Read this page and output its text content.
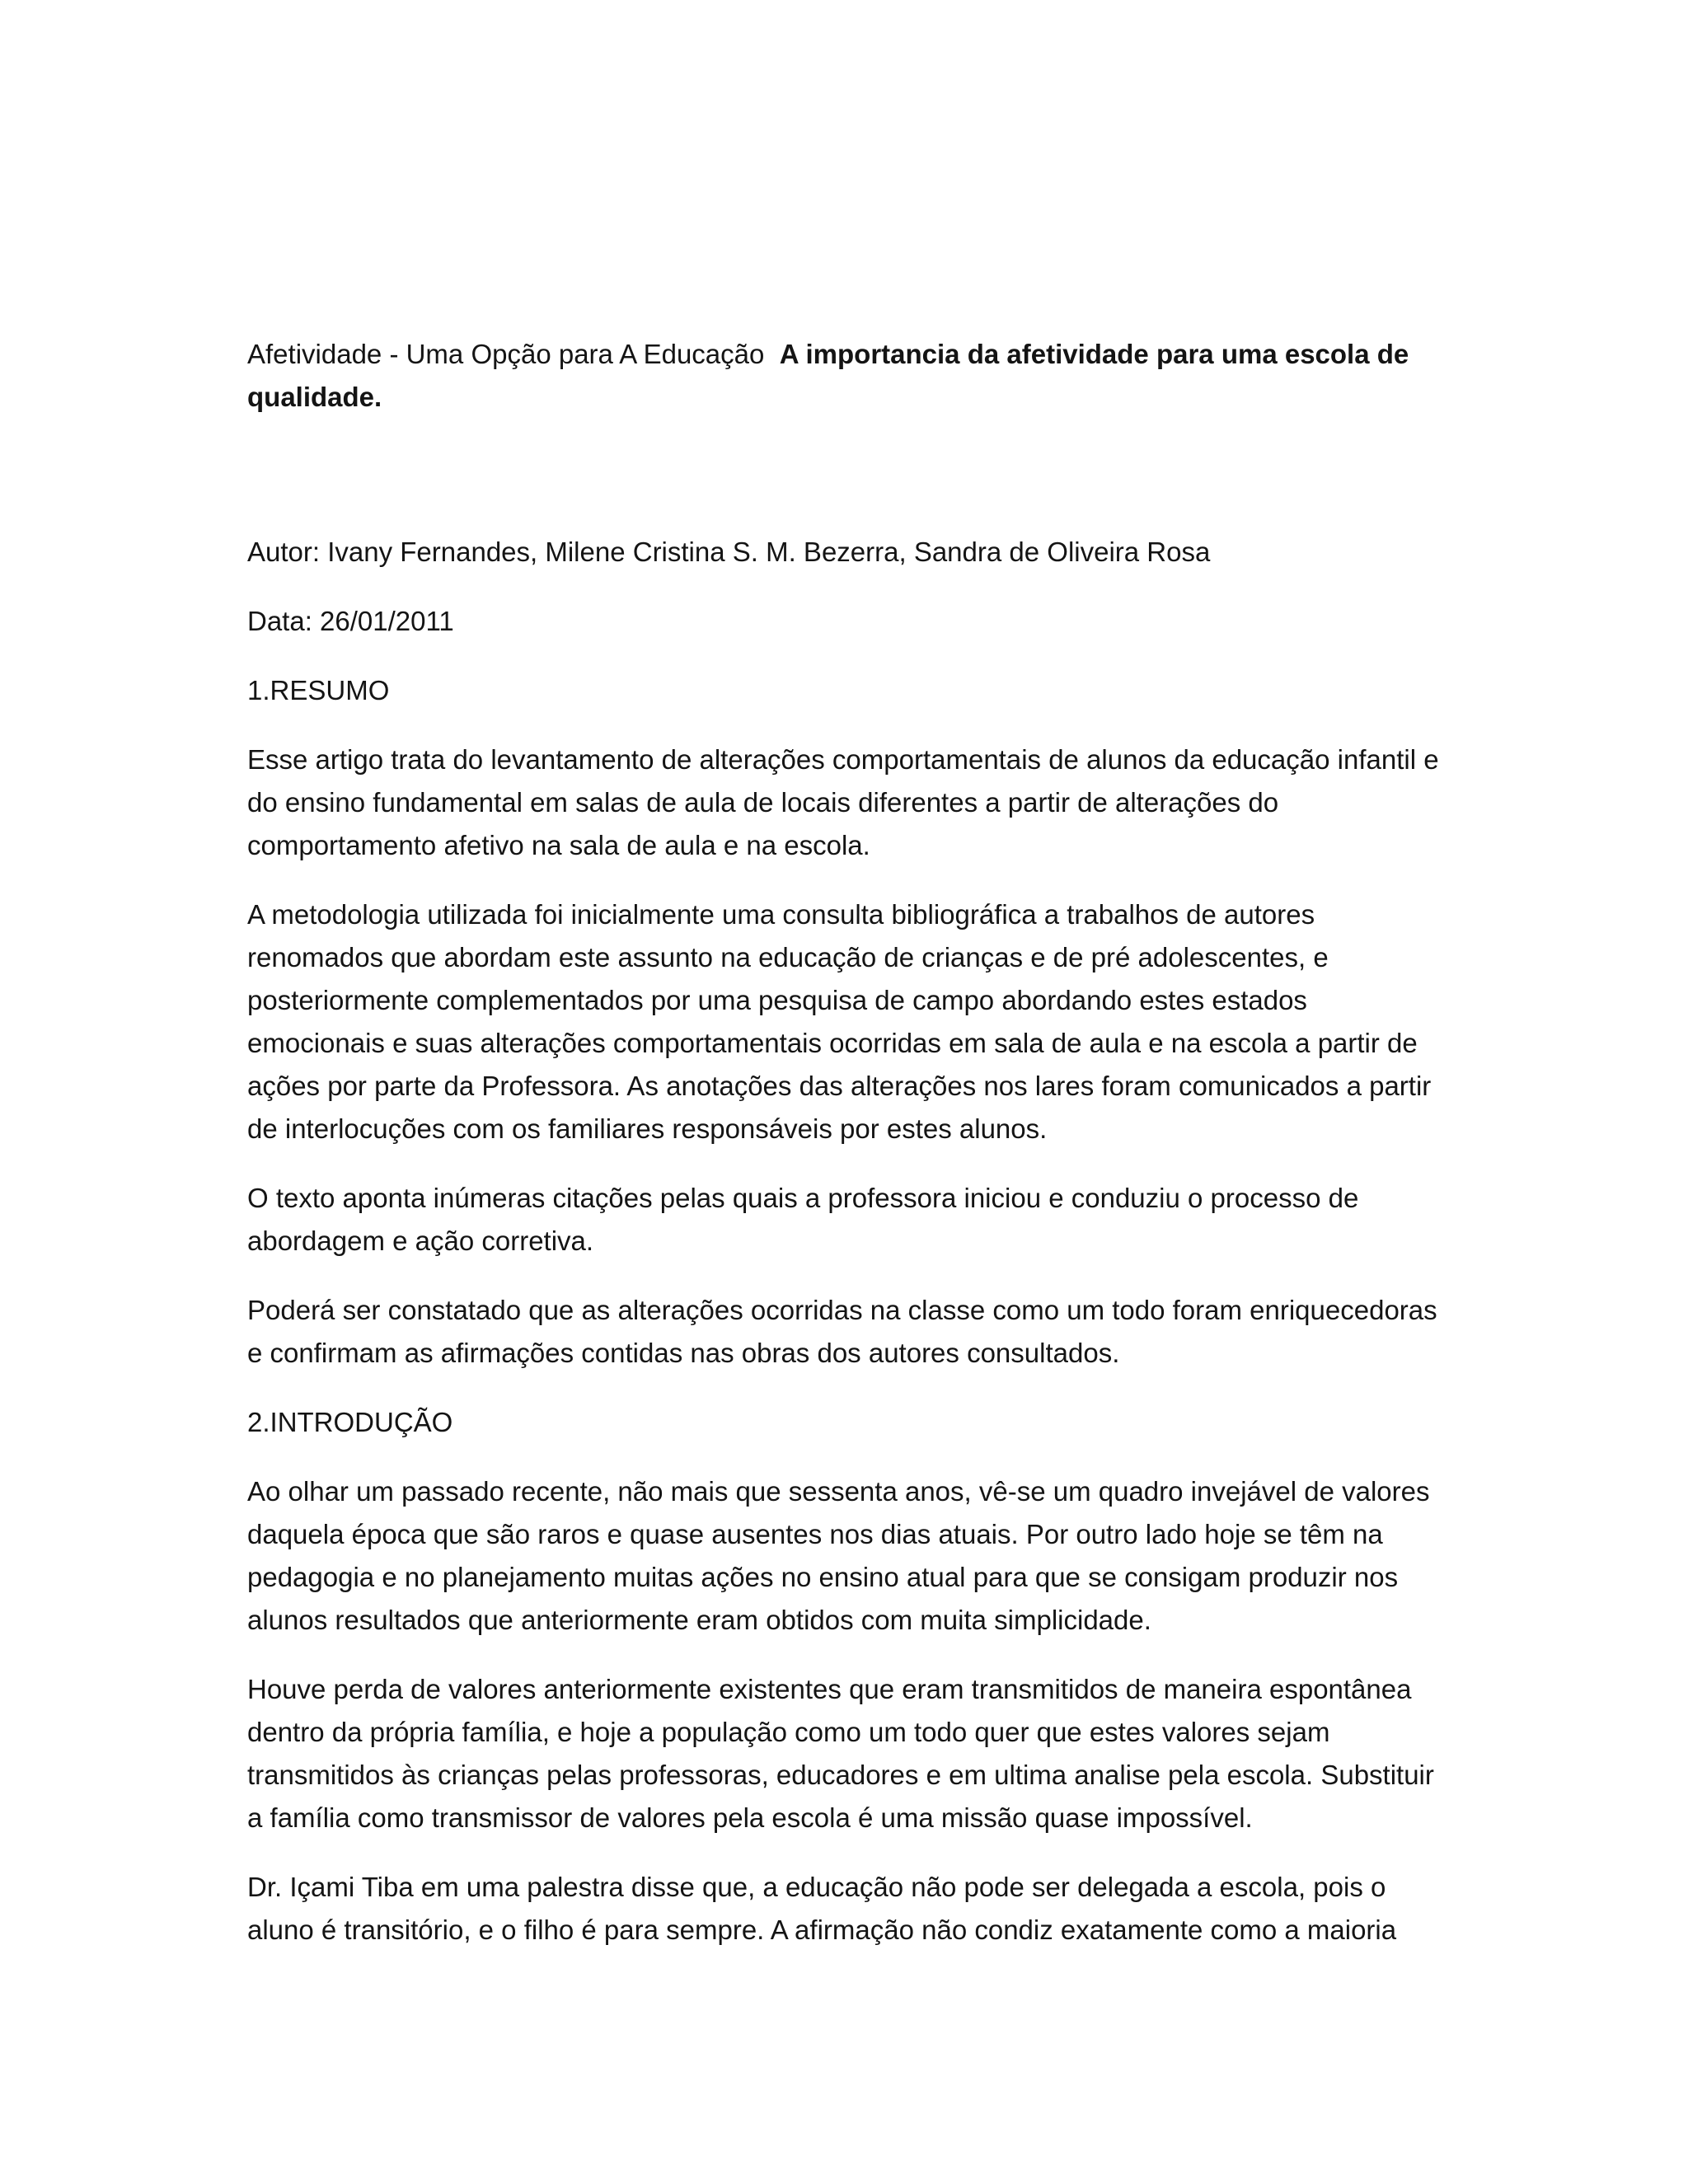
Afetividade - Uma Opção para A Educação A importancia da afetividade para uma escola de qualidade.

Autor: Ivany Fernandes, Milene Cristina S. M. Bezerra, Sandra de Oliveira Rosa

Data: 26/01/2011

1.RESUMO

Esse artigo trata do levantamento de alterações comportamentais de alunos da educação infantil e do ensino fundamental em salas de aula de locais diferentes a partir de alterações do comportamento afetivo na sala de aula e na escola.

A metodologia utilizada foi inicialmente uma consulta bibliográfica a trabalhos de autores renomados que abordam este assunto na educação de crianças e de pré adolescentes, e posteriormente complementados por uma pesquisa de campo abordando estes estados emocionais e suas alterações comportamentais ocorridas em sala de aula e na escola a partir de ações por parte da Professora. As anotações das alterações nos lares foram comunicados a partir de interlocuções com os familiares responsáveis por estes alunos.

O texto aponta inúmeras citações pelas quais a professora iniciou e conduziu o processo de abordagem e ação corretiva.

Poderá ser constatado que as alterações ocorridas na classe como um todo foram enriquecedoras e confirmam as afirmações contidas nas obras dos autores consultados.

2.INTRODUÇÃO

Ao olhar um passado recente, não mais que sessenta anos, vê-se um quadro invejável de valores daquela época que são raros e quase ausentes nos dias atuais. Por outro lado hoje se têm na pedagogia e no planejamento muitas ações no ensino atual para que se consigam produzir nos alunos resultados que anteriormente eram obtidos com muita simplicidade.

Houve perda de valores anteriormente existentes que eram transmitidos de maneira espontânea dentro da própria família, e hoje a população como um todo quer que estes valores sejam transmitidos às crianças pelas professoras, educadores e em ultima analise pela escola. Substituir a família como transmissor de valores pela escola é uma missão quase impossível.

Dr. Içami Tiba em uma palestra disse que, a educação não pode ser delegada a escola, pois o aluno é transitório, e o filho é para sempre. A afirmação não condiz exatamente como a maioria
